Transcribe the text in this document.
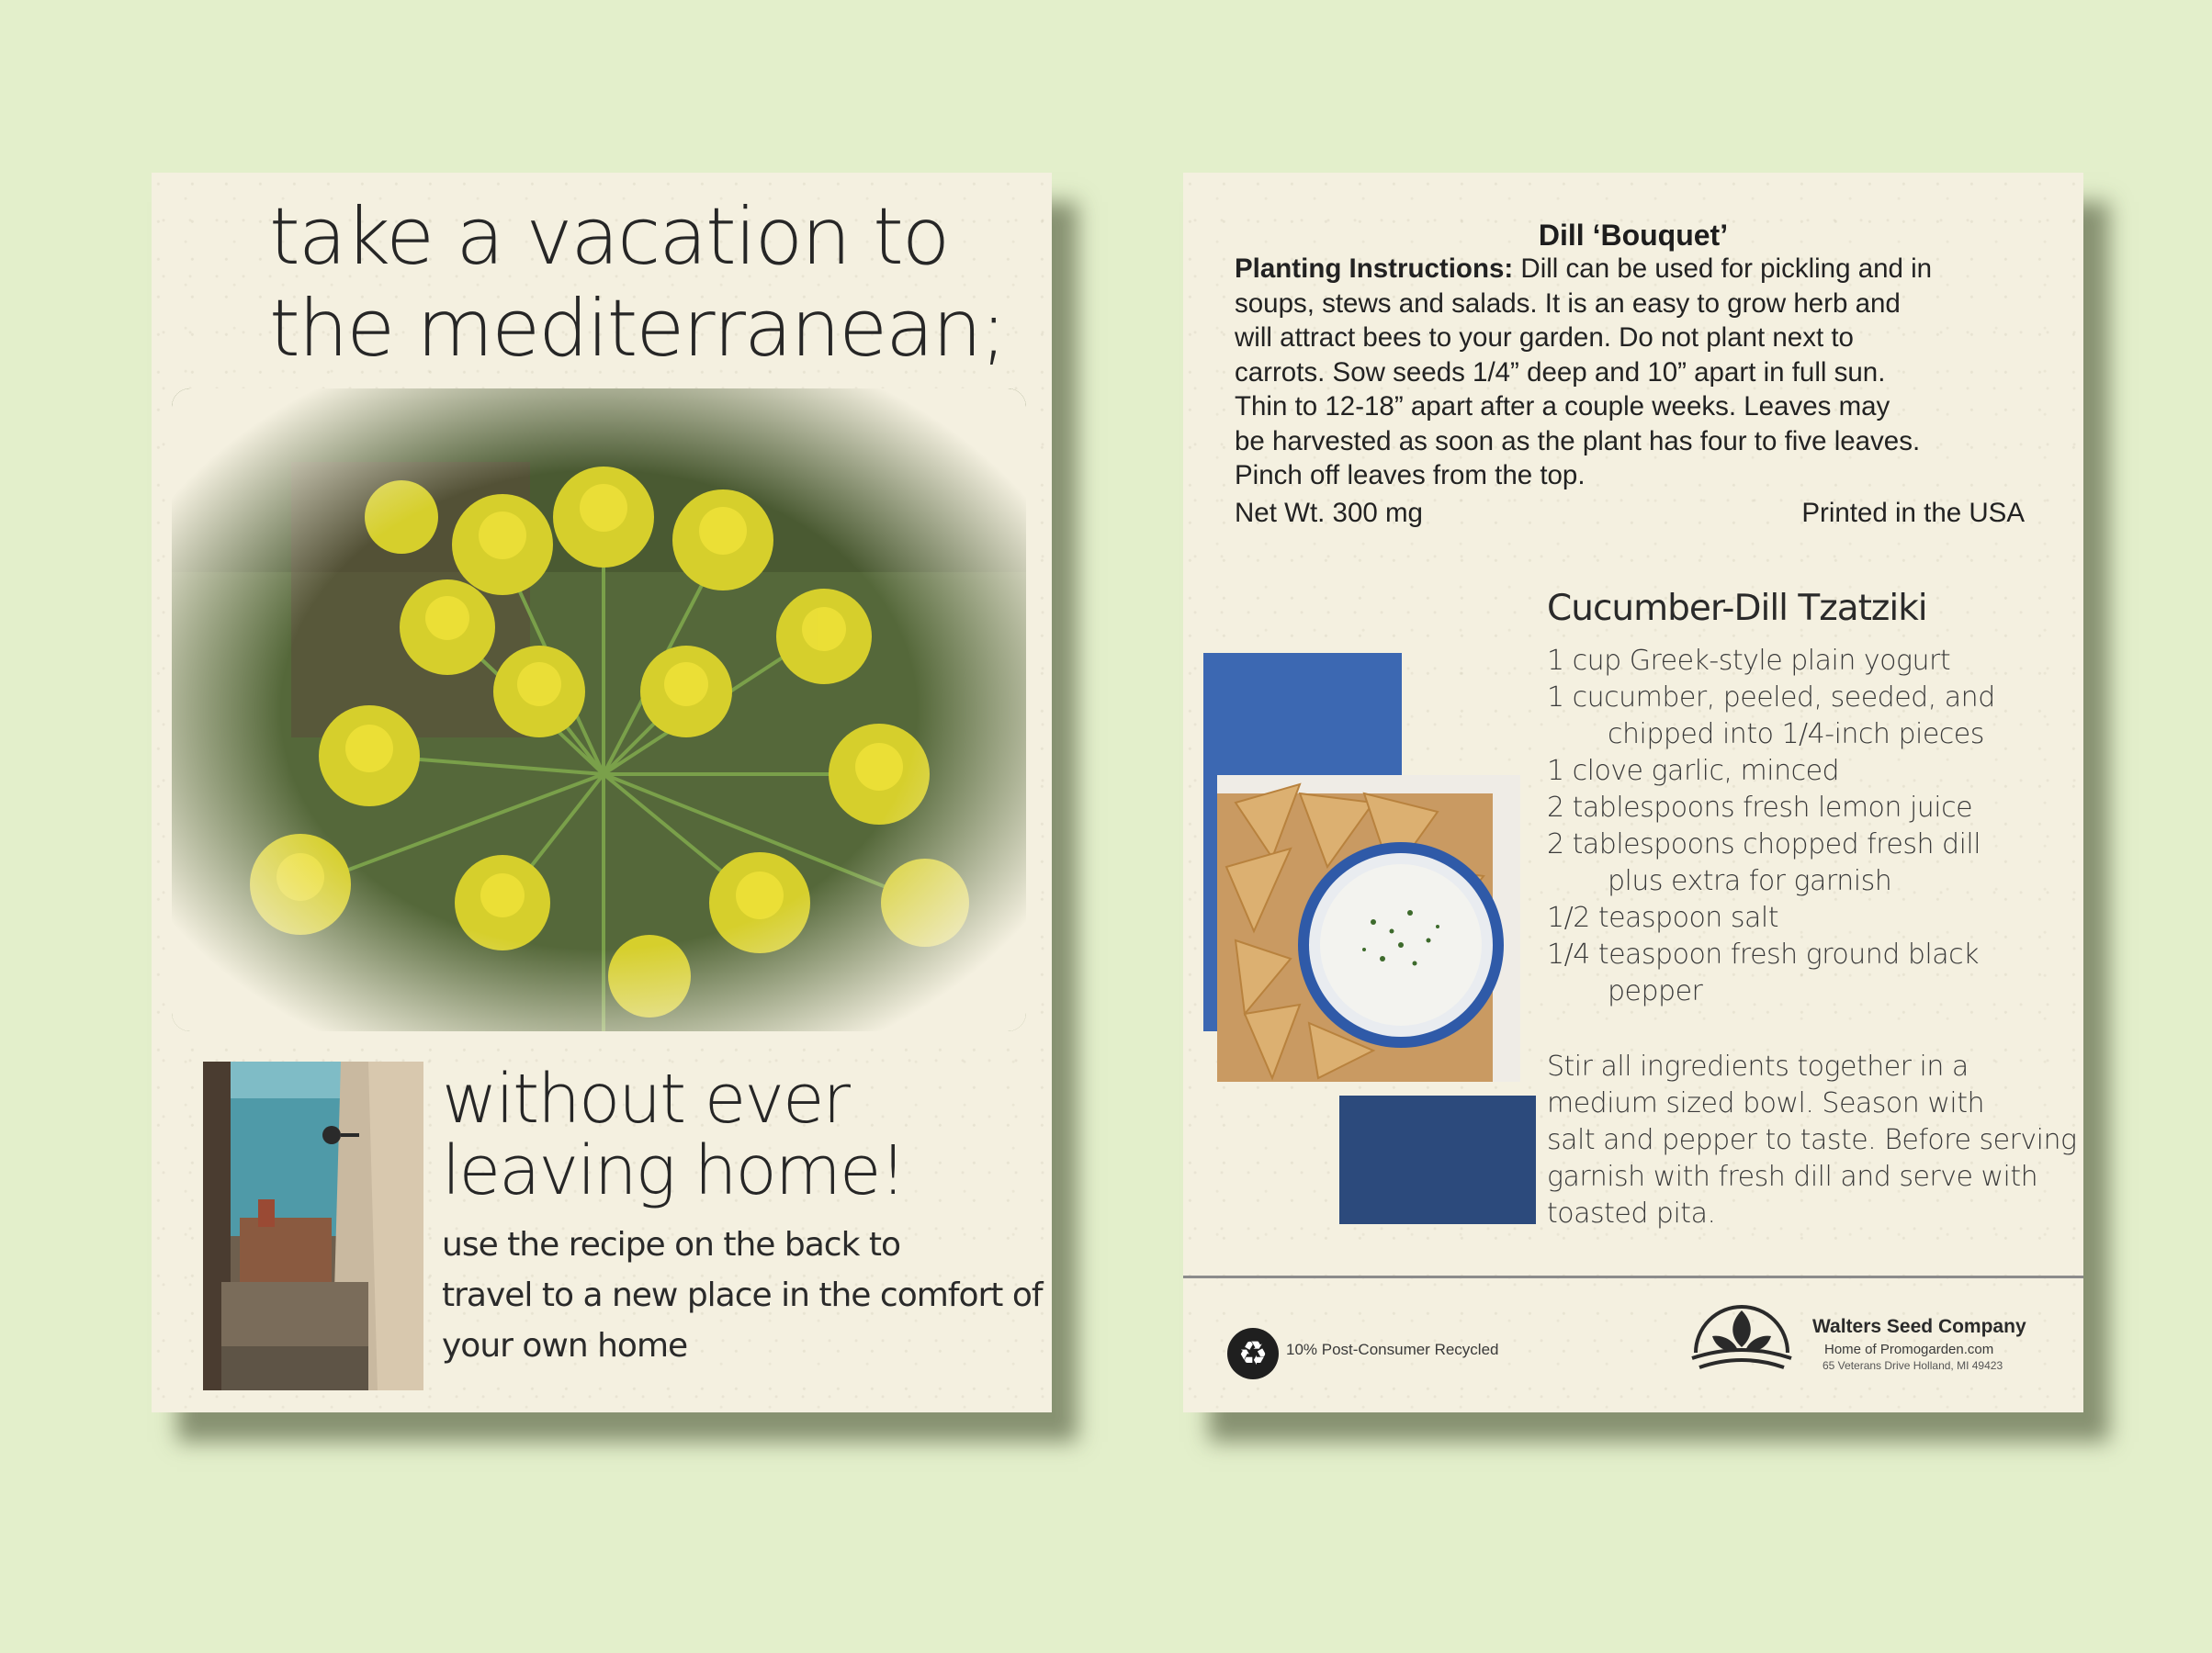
take a vacation to
the mediterranean;
without ever
leaving home!
use the recipe on the back to
travel to a new place in the comfort of
your own home
Dill ‘Bouquet’
Planting Instructions: Dill can be used for pickling and in
soups, stews and salads. It is an easy to grow herb and
will attract bees to your garden. Do not plant next to
carrots. Sow seeds 1/4” deep and 10” apart in full sun.
Thin to 12-18” apart after a couple weeks. Leaves may
be harvested as soon as the plant has four to five leaves.
Pinch off leaves from the top.
Net Wt. 300 mg	Printed in the USA
Cucumber-Dill Tzatziki
1 cup Greek-style plain yogurt
1 cucumber, peeled, seeded, and
chipped into 1/4-inch pieces
1 clove garlic, minced
2 tablespoons fresh lemon juice
2 tablespoons chopped fresh dill
plus extra for garnish
1/2 teaspoon salt
1/4 teaspoon fresh ground black
pepper
Stir all ingredients together in a
medium sized bowl. Season with
salt and pepper to taste. Before serving
garnish with fresh dill and serve with
toasted pita.
♻	10% Post-Consumer Recycled
Walters Seed Company
Home of Promogarden.com
65 Veterans Drive Holland, MI 49423
